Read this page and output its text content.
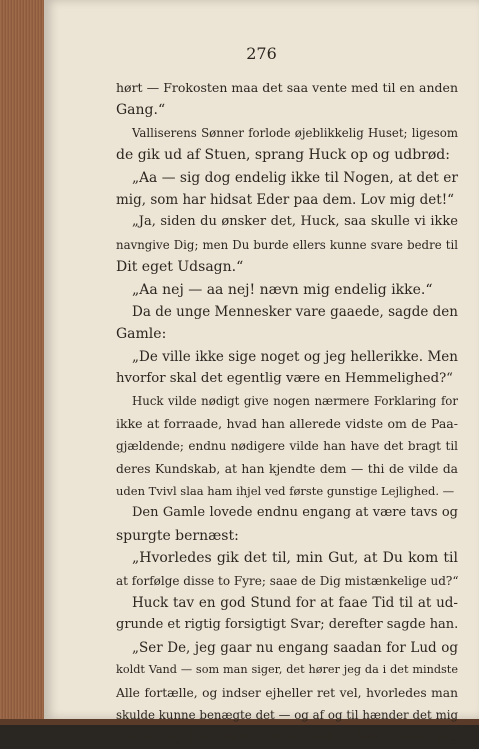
276
hørt — Frokosten maa det saa vente med til en anden
Gang.“
Valliserens Sønner forlode øjeblikkelig Huset; ligesom
de gik ud af Stuen, sprang Huck op og udbrød:
„Aa — sig dog endelig ikke til Nogen, at det er
mig, som har hidsat Eder paa dem. Lov mig det!“
„Ja, siden du ønsker det, Huck, saa skulle vi ikke
navngive Dig; men Du burde ellers kunne svare bedre til
Dit eget Udsagn.“
„Aa nej — aa nej! nævn mig endelig ikke.“
Da de unge Mennesker vare gaaede, sagde den
Gamle:
„De ville ikke sige noget og jeg hellerikke. Men
hvorfor skal det egentlig være en Hemmelighed?“
Huck vilde nødigt give nogen nærmere Forklaring for
ikke at forraade, hvad han allerede vidste om de Paa-
gjældende; endnu nødigere vilde han have det bragt til
deres Kundskab, at han kjendte dem — thi de vilde da
uden Tvivl slaa ham ihjel ved første gunstige Lejlighed. —
Den Gamle lovede endnu engang at være tavs og
spurgte bernæst:
„Hvorledes gik det til, min Gut, at Du kom til
at forfølge disse to Fyre; saae de Dig mistænkelige ud?“
Huck tav en god Stund for at faae Tid til at ud-
grunde et rigtig forsigtigt Svar; derefter sagde han.
„Ser De, jeg gaar nu engang saadan for Lud og
koldt Vand — som man siger, det hører jeg da i det mindste
Alle fortælle, og indser ejheller ret vel, hvorledes man
skulde kunne benægte det — og af og til hænder det mig
da, at jeg har ondt ved at falde i Søvn, naar jeg
